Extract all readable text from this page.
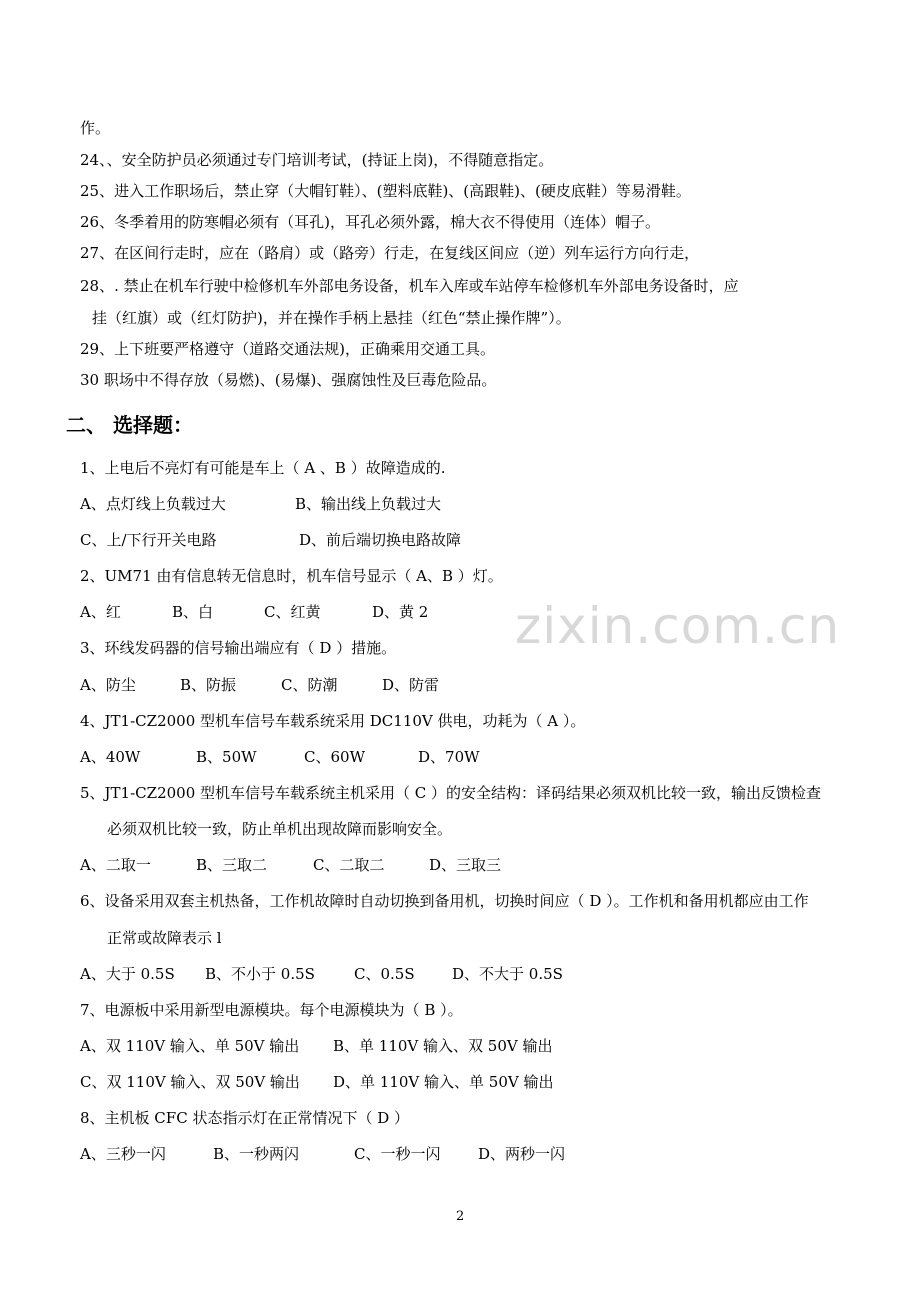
zixin.com.cn
作。
24、、安全防护员必须通过专门培训考试，(持证上岗)，不得随意指定。
25、进入工作职场后，禁止穿（大帽钉鞋）、(塑料底鞋)、(高跟鞋)、(硬皮底鞋）等易滑鞋。
26、冬季着用的防寒帽必须有（耳孔)，耳孔必须外露，棉大衣不得使用（连体）帽子。
27、在区间行走时，应在（路肩）或（路旁）行走，在复线区间应（逆）列车运行方向行走，
28、. 禁止在机车行驶中检修机车外部电务设备，机车入库或车站停车检修机车外部电务设备时，应
挂（红旗）或（红灯防护)，并在操作手柄上悬挂（红色“禁止操作牌”）。
29、上下班要严格遵守（道路交通法规)，正确乘用交通工具。
30 职场中不得存放（易燃)、(易爆)、强腐蚀性及巨毒危险品。
二、 选择题：
1、上电后不亮灯有可能是车上（ A 、B ）故障造成的.
A、点灯线上负载过大	B、输出线上负载过大
C、上/下行开关电路	D、前后端切换电路故障
2、UM71 由有信息转无信息时，机车信号显示（ A、B ）灯。
A、红	B、白	C、红黄	D、黄 2
3、环线发码器的信号输出端应有（ D ）措施。
A、防尘	B、防振	C、防潮	D、防雷
4、JT1-CZ2000 型机车信号车载系统采用 DC110V 供电，功耗为（ A ）。
A、40W	B、50W	C、60W	D、70W
5、JT1-CZ2000 型机车信号车载系统主机采用（ C ）的安全结构：译码结果必须双机比较一致，输出反馈检查
必须双机比较一致，防止单机出现故障而影响安全。
A、二取一	B、三取二	C、二取二	D、三取三
6、设备采用双套主机热备，工作机故障时自动切换到备用机，切换时间应（ D ）。工作机和备用机都应由工作
正常或故障表示 l
A、大于 0.5S B、不小于 0.5S	C、0.5S D、不大于 0.5S
7、电源板中采用新型电源模块。每个电源模块为（ B ）。
A、双 110V 输入、单 50V 输出 B、单 110V 输入、双 50V 输出
C、双 110V 输入、双 50V 输出 D、单 110V 输入、单 50V 输出
8、主机板 CFC 状态指示灯在正常情况下（ D ）
A、三秒一闪	B、一秒两闪	C、一秒一闪	D、两秒一闪
2
